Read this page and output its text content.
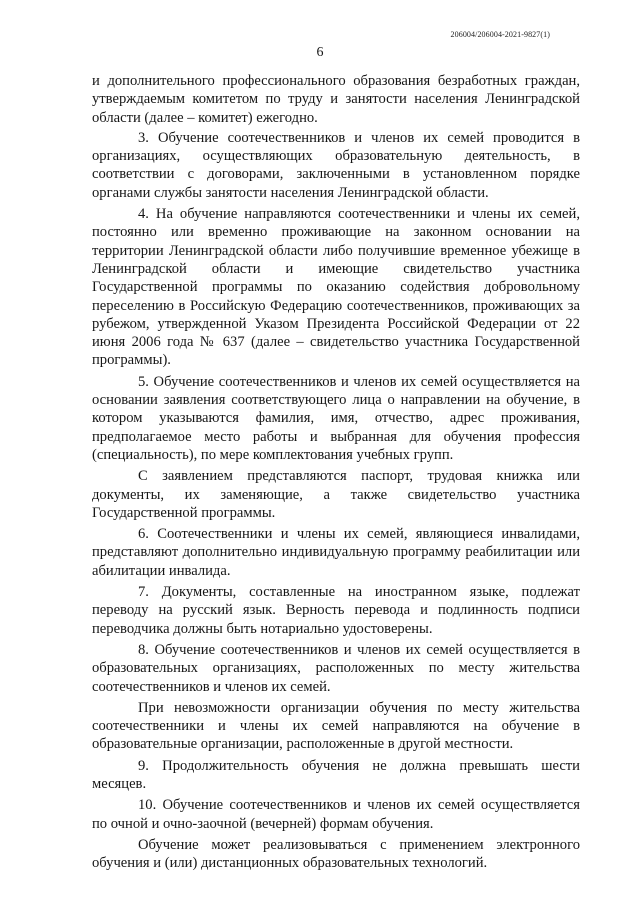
206004/206004-2021-9827(1)
6

и дополнительного профессионального образования безработных граждан, утверждаемым комитетом по труду и занятости населения Ленинградской области (далее – комитет) ежегодно.

3. Обучение соотечественников и членов их семей проводится в организациях, осуществляющих образовательную деятельность, в соответствии с договорами, заключенными в установленном порядке органами службы занятости населения Ленинградской области.

4. На обучение направляются соотечественники и члены их семей, постоянно или временно проживающие на законном основании на территории Ленинградской области либо получившие временное убежище в Ленинградской области и имеющие свидетельство участника Государственной программы по оказанию содействия добровольному переселению в Российскую Федерацию соотечественников, проживающих за рубежом, утвержденной Указом Президента Российской Федерации от 22 июня 2006 года № 637 (далее – свидетельство участника Государственной программы).

5. Обучение соотечественников и членов их семей осуществляется на основании заявления соответствующего лица о направлении на обучение, в котором указываются фамилия, имя, отчество, адрес проживания, предполагаемое место работы и выбранная для обучения профессия (специальность), по мере комплектования учебных групп.

С заявлением представляются паспорт, трудовая книжка или документы, их заменяющие, а также свидетельство участника Государственной программы.

6. Соотечественники и члены их семей, являющиеся инвалидами, представляют дополнительно индивидуальную программу реабилитации или абилитации инвалида.

7. Документы, составленные на иностранном языке, подлежат переводу на русский язык. Верность перевода и подлинность подписи переводчика должны быть нотариально удостоверены.

8. Обучение соотечественников и членов их семей осуществляется в образовательных организациях, расположенных по месту жительства соотечественников и членов их семей.

При невозможности организации обучения по месту жительства соотечественники и члены их семей направляются на обучение в образовательные организации, расположенные в другой местности.

9. Продолжительность обучения не должна превышать шести месяцев.

10. Обучение соотечественников и членов их семей осуществляется по очной и очно-заочной (вечерней) формам обучения.

Обучение может реализовываться с применением электронного обучения и (или) дистанционных образовательных технологий.
